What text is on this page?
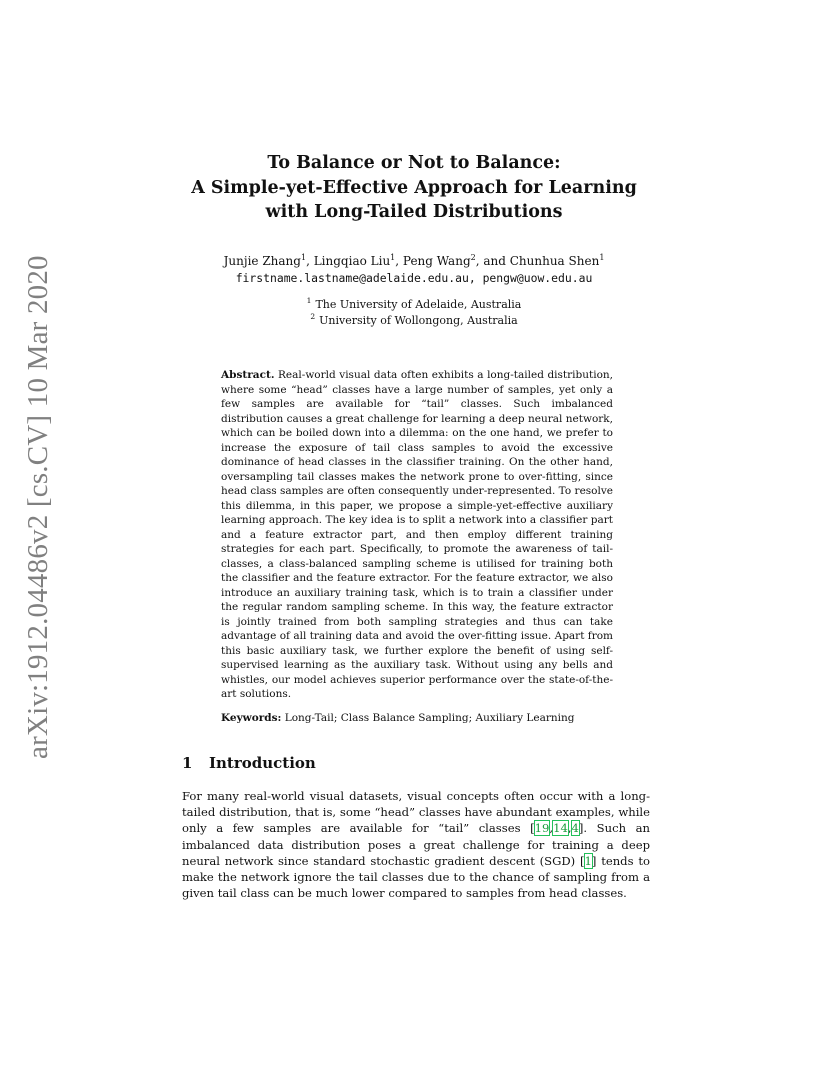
arXiv:1912.04486v2 [cs.CV] 10 Mar 2020
To Balance or Not to Balance:
A Simple-yet-Effective Approach for Learning
with Long-Tailed Distributions
Junjie Zhang$^1$, Lingqiao Liu$^1$, Peng Wang$^2$, and Chunhua Shen$^1$
firstname.lastname@adelaide.edu.au, pengw@uow.edu.au
$^1$ The University of Adelaide, Australia
$^2$ University of Wollongong, Australia
Abstract. Real-world visual data often exhibits a long-tailed distribution, where some “head” classes have a large number of samples, yet only a few samples are available for “tail” classes. Such imbalanced distribution causes a great challenge for learning a deep neural network, which can be boiled down into a dilemma: on the one hand, we prefer to increase the exposure of tail class samples to avoid the excessive dominance of head classes in the classifier training. On the other hand, oversampling tail classes makes the network prone to over-fitting, since head class samples are often consequently under-represented. To resolve this dilemma, in this paper, we propose a simple-yet-effective auxiliary learning approach. The key idea is to split a network into a classifier part and a feature extractor part, and then employ different training strategies for each part. Specifically, to promote the awareness of tail-classes, a class-balanced sampling scheme is utilised for training both the classifier and the feature extractor. For the feature extractor, we also introduce an auxiliary training task, which is to train a classifier under the regular random sampling scheme. In this way, the feature extractor is jointly trained from both sampling strategies and thus can take advantage of all training data and avoid the over-fitting issue. Apart from this basic auxiliary task, we further explore the benefit of using self-supervised learning as the auxiliary task. Without using any bells and whistles, our model achieves superior performance over the state-of-the-art solutions.
Keywords: Long-Tail; Class Balance Sampling; Auxiliary Learning
1 Introduction
For many real-world visual datasets, visual concepts often occur with a long-tailed distribution, that is, some “head” classes have abundant examples, while only a few samples are available for “tail” classes [19,14,4]. Such an imbalanced data distribution poses a great challenge for training a deep neural network since standard stochastic gradient descent (SGD) [1] tends to make the network ignore the tail classes due to the chance of sampling from a given tail class can be much lower compared to samples from head classes.
